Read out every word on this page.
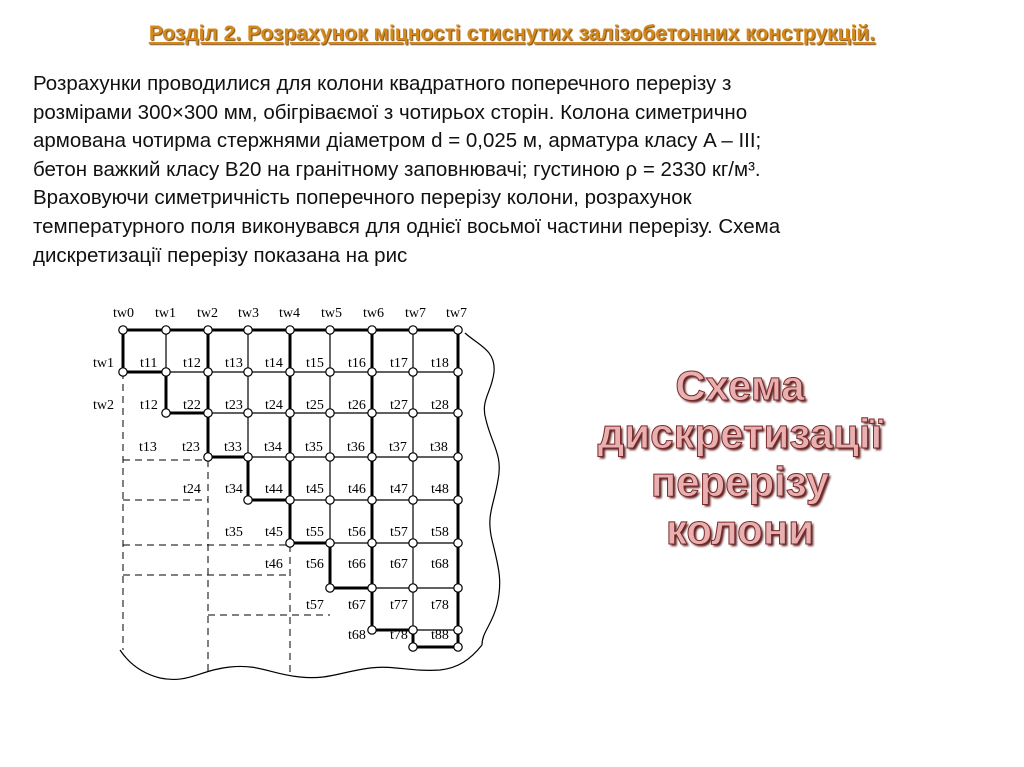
Розділ 2. Розрахунок міцності стиснутих залізобетонних конструкцій.
Розрахунки проводилися для колони квадратного поперечного перерізу з
розмірами 300×300 мм, обігріваємої з чотирьох сторін. Колона симетрично
армована чотирма стержнями діаметром d = 0,025 м, арматура класу A – III;
бетон важкий класу B20 на гранітному заповнювачі; густиною ρ = 2330 кг/м³.
Враховуючи симетричність поперечного перерізу колони, розрахунок
температурного поля виконувався для однієї восьмої частини перерізу. Схема
дискретизації перерізу показана на рис
tw0 tw1 tw2 tw3 tw4 tw5 tw6 tw7 tw7
tw1 t11 t12 t13 t14 t15 t16 t17 t18
tw2 t12 t22 t23 t24 t25 t26 t27 t28
t13 t23 t33 t34 t35 t36 t37 t38
t24 t34 t44 t45 t46 t47 t48
t35 t45 t55 t56 t57 t58
t46 t56 t66 t67 t68
t57 t67 t77 t78
t68 t78 t88
Схема
дискретизації
перерізу
колони
